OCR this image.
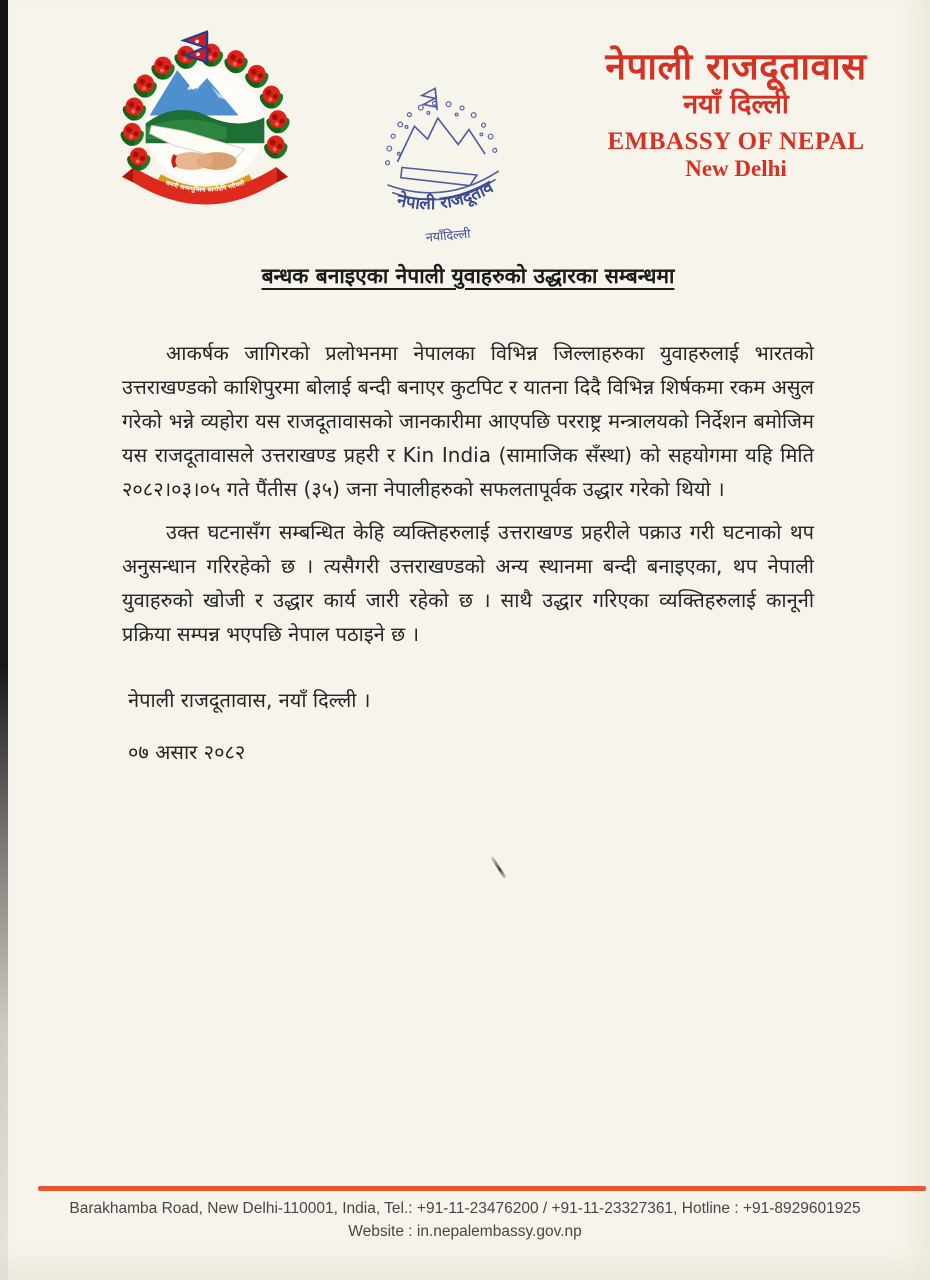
जननी जन्मभूमिश्च स्वर्गादपि गरीयसी
नेपाली राजदूताव
नयाँदिल्ली
नेपाली राजदूतावास
नयाँ दिल्ली
EMBASSY OF NEPAL
New Delhi
बन्धक बनाइएका नेपाली युवाहरुको उद्धारका सम्बन्धमा

आकर्षक जागिरको प्रलोभनमा नेपालका विभिन्न जिल्लाहरुका युवाहरुलाई भारतको उत्तराखण्डको काशिपुरमा बोलाई बन्दी बनाएर कुटपिट र यातना दिदै विभिन्न शिर्षकमा रकम असुल गरेको भन्ने व्यहोरा यस राजदूतावासको जानकारीमा आएपछि परराष्ट्र मन्त्रालयको निर्देशन बमोजिम यस राजदूतावासले उत्तराखण्ड प्रहरी र Kin India (सामाजिक सँस्था) को सहयोगमा यहि मिति २०८२।०३।०५ गते पैंतीस (३५) जना नेपालीहरुको सफलतापूर्वक उद्धार गरेको थियो ।

उक्त घटनासँग सम्बन्धित केहि व्यक्तिहरुलाई उत्तराखण्ड प्रहरीले पक्राउ गरी घटनाको थप अनुसन्धान गरिरहेको छ । त्यसैगरी उत्तराखण्डको अन्य स्थानमा बन्दी बनाइएका, थप नेपाली युवाहरुको खोजी र उद्धार कार्य जारी रहेको छ । साथै उद्धार गरिएका व्यक्तिहरुलाई कानूनी प्रक्रिया सम्पन्न भएपछि नेपाल पठाइने छ ।

नेपाली राजदूतावास, नयाँ दिल्ली ।
०७ असार २०८२
Barakhamba Road, New Delhi-110001, India, Tel.: +91-11-23476200 / +91-11-23327361, Hotline : +91-8929601925
Website : in.nepalembassy.gov.np
